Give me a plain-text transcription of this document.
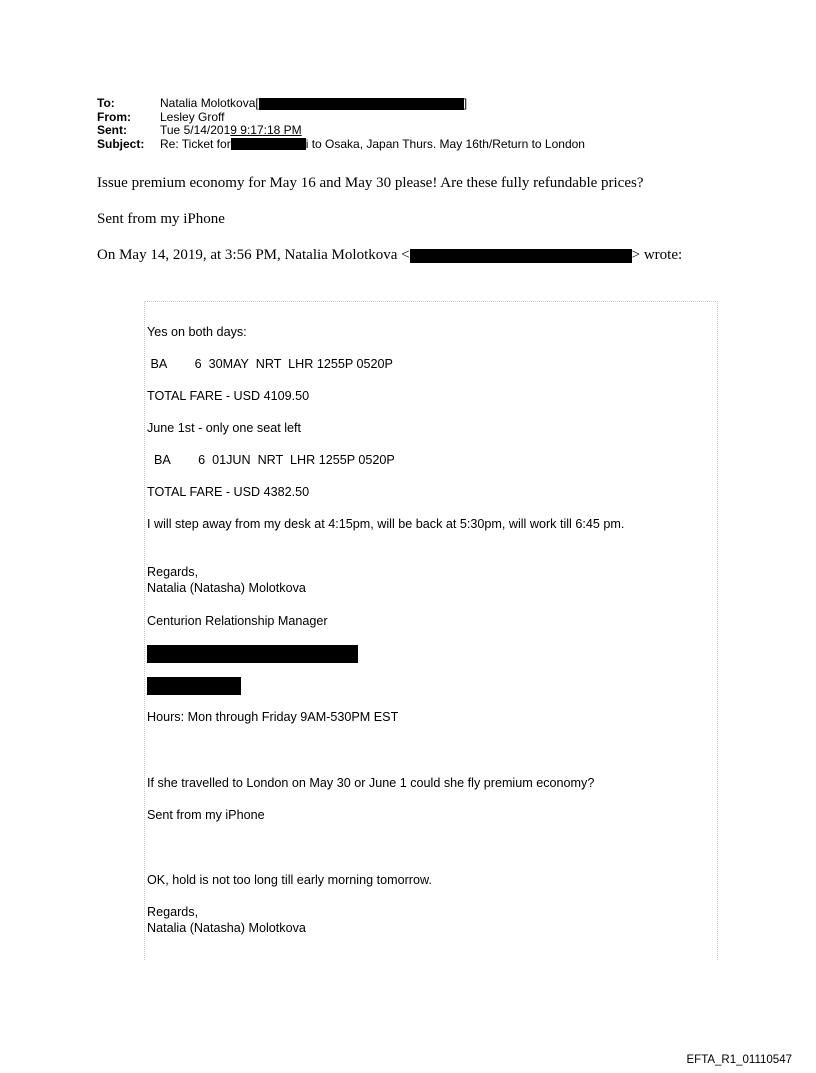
To:	Natalia Molotkova[	]
From:	Lesley Groff
Sent:	Tue 5/14/2019 9:17:18 PM
Subject:	Re: Ticket for	i to Osaka, Japan Thurs. May 16th/Return to London
Issue premium economy for May 16 and May 30 please! Are these fully refundable prices?
Sent from my iPhone
On May 14, 2019, at 3:56 PM, Natalia Molotkova <	> wrote:
Yes on both days:
BA        6  30MAY  NRT  LHR 1255P 0520P
TOTAL FARE - USD 4109.50
June 1st - only one seat left
BA        6  01JUN  NRT  LHR 1255P 0520P
TOTAL FARE - USD 4382.50
I will step away from my desk at 4:15pm, will be back at 5:30pm, will work till 6:45 pm.
Regards,
Natalia (Natasha) Molotkova
Centurion Relationship Manager
Hours: Mon through Friday 9AM-530PM EST
If she travelled to London on May 30 or June 1 could she fly premium economy?
Sent from my iPhone
OK, hold is not too long till early morning tomorrow.
Regards,
Natalia (Natasha) Molotkova
EFTA_R1_01110547
